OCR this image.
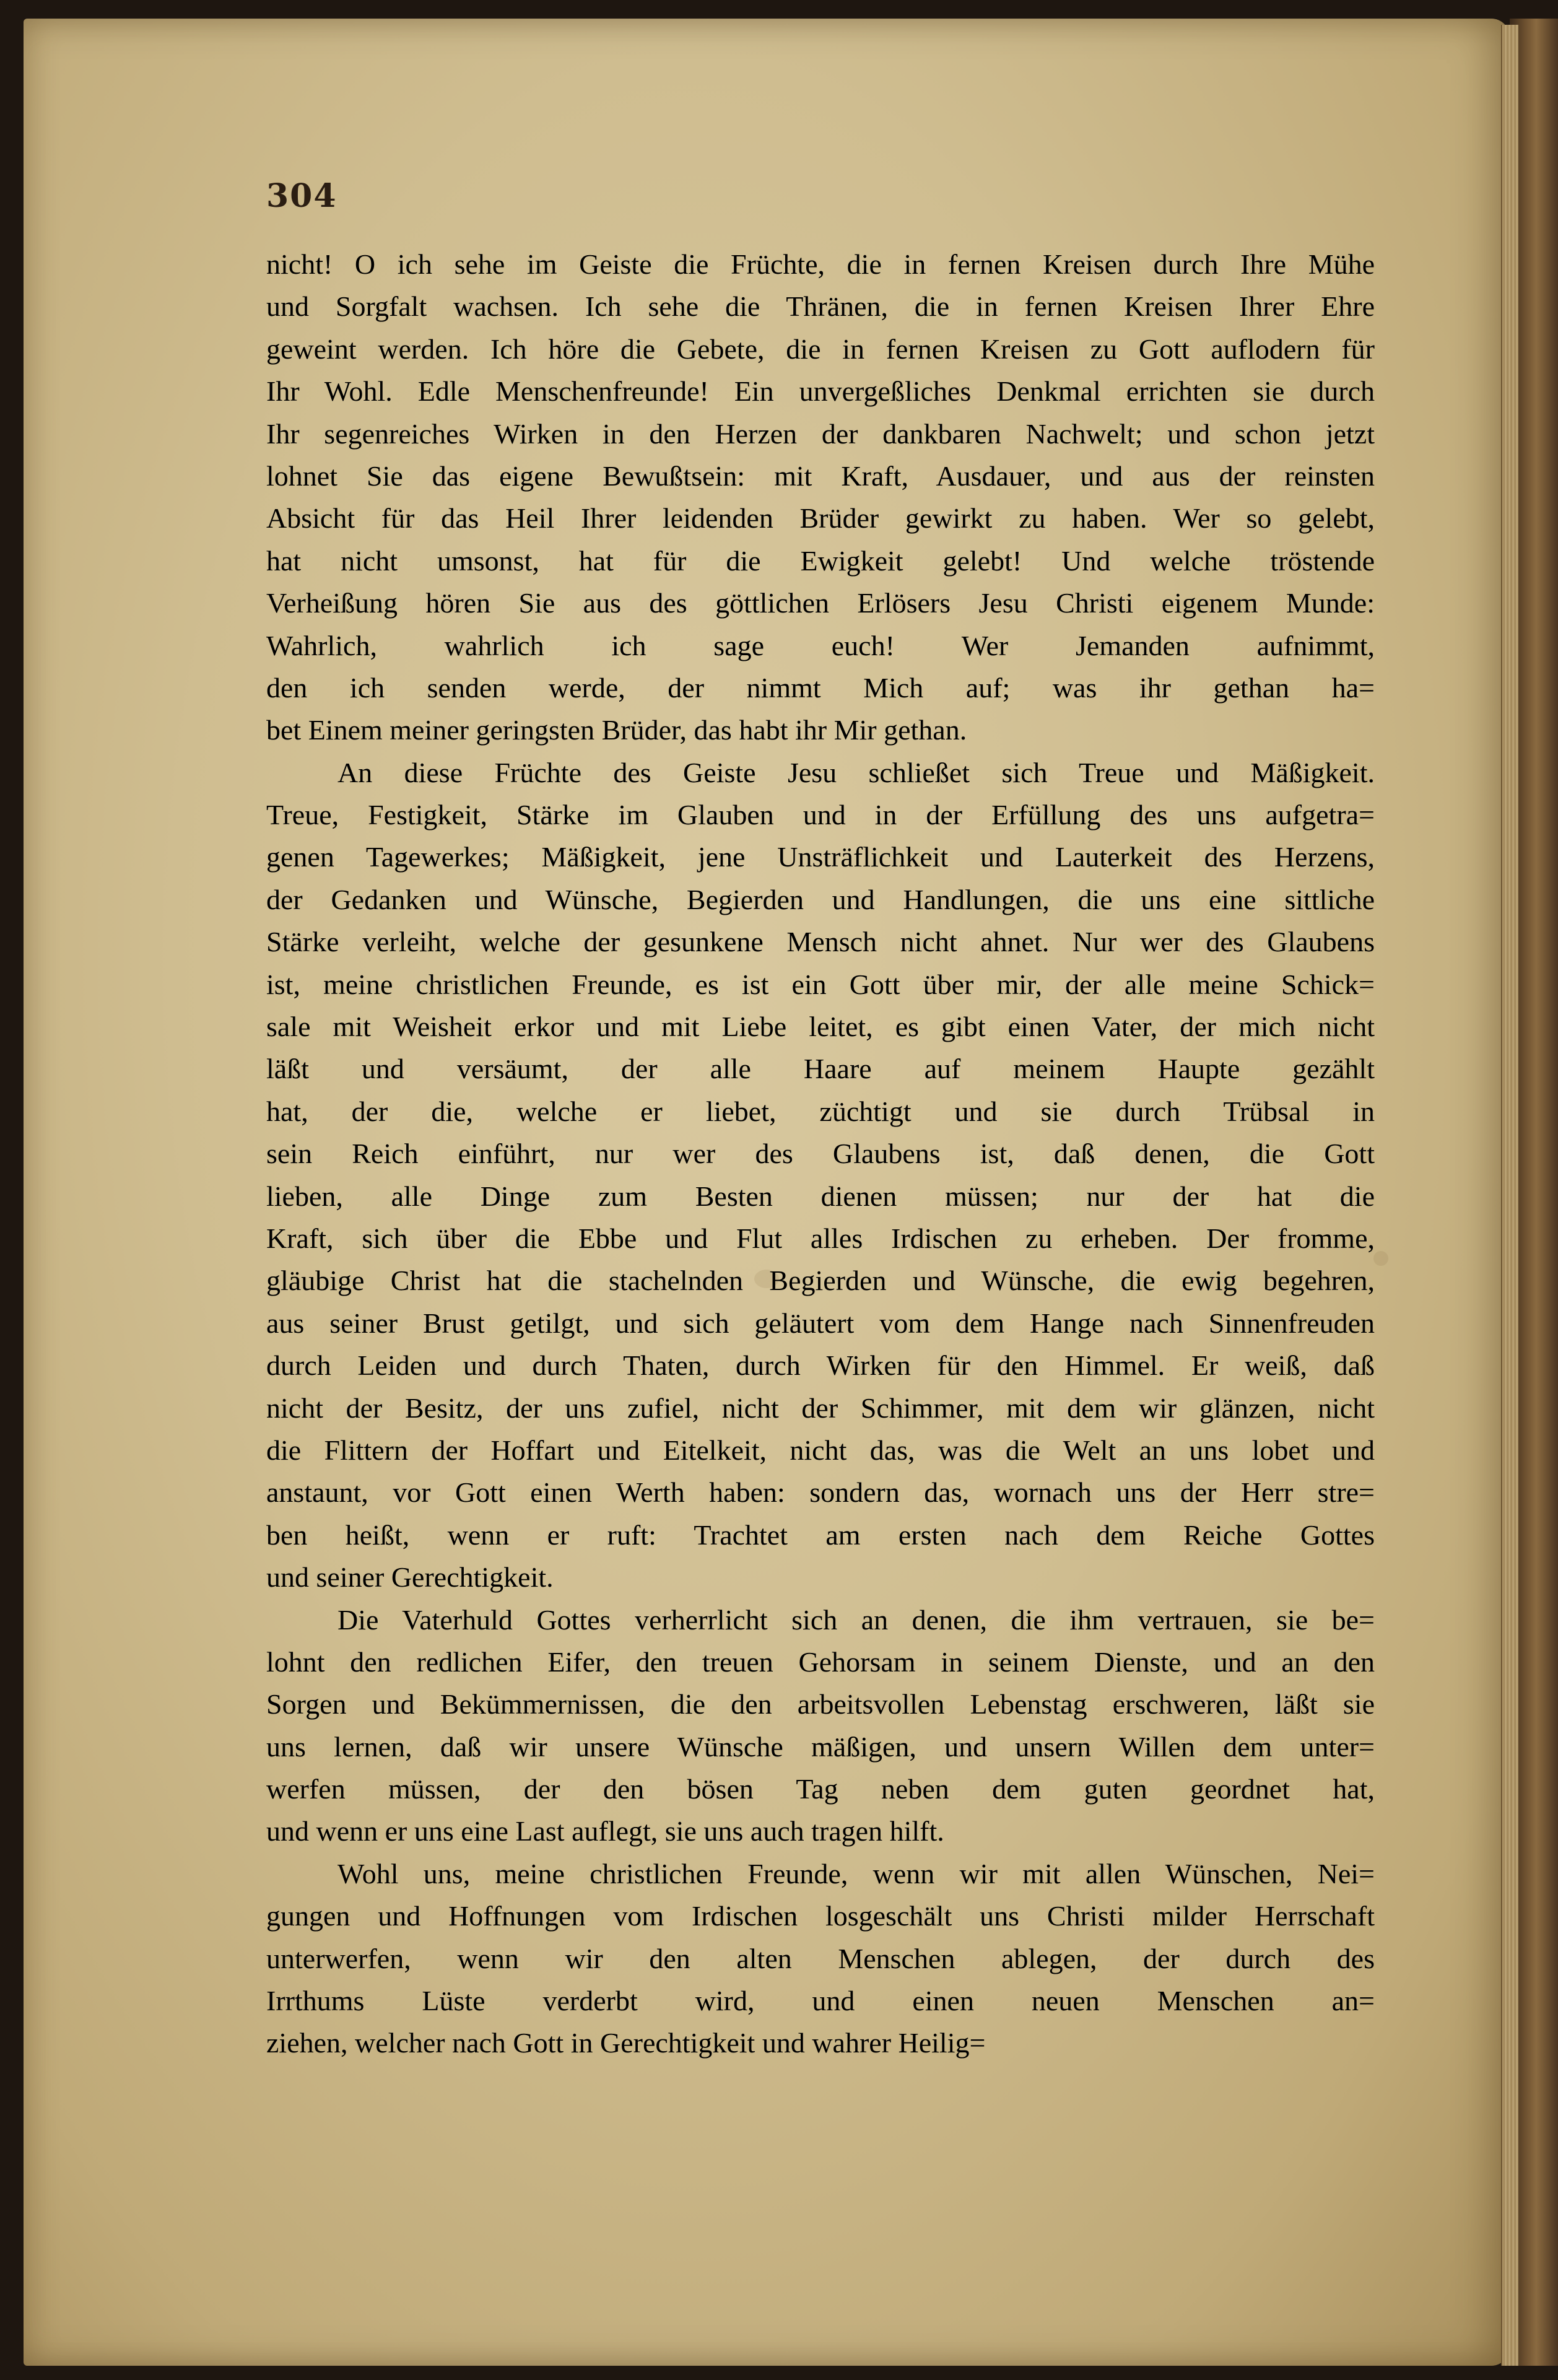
304
nicht! O ich sehe im Geiste die Früchte, die in fernen Kreisen durch Ihre Mühe
und Sorgfalt wachsen. Ich sehe die Thränen, die in fernen Kreisen Ihrer Ehre
geweint werden. Ich höre die Gebete, die in fernen Kreisen zu Gott auflodern für
Ihr Wohl. Edle Menschenfreunde! Ein unvergeßliches Denkmal errichten sie durch
Ihr segenreiches Wirken in den Herzen der dankbaren Nachwelt; und schon jetzt
lohnet Sie das eigene Bewußtsein: mit Kraft, Ausdauer, und aus der reinsten
Absicht für das Heil Ihrer leidenden Brüder gewirkt zu haben. Wer so gelebt,
hat nicht umsonst, hat für die Ewigkeit gelebt! Und welche tröstende
Verheißung hören Sie aus des göttlichen Erlösers Jesu Christi eigenem Munde:
Wahrlich, wahrlich ich sage euch! Wer Jemanden aufnimmt,
den ich senden werde, der nimmt Mich auf; was ihr gethan ha=
bet Einem meiner geringsten Brüder, das habt ihr Mir gethan.
An diese Früchte des Geiste Jesu schließet sich Treue und Mäßigkeit.
Treue, Festigkeit, Stärke im Glauben und in der Erfüllung des uns aufgetra=
genen Tagewerkes; Mäßigkeit, jene Unsträflichkeit und Lauterkeit des Herzens,
der Gedanken und Wünsche, Begierden und Handlungen, die uns eine sittliche
Stärke verleiht, welche der gesunkene Mensch nicht ahnet. Nur wer des Glaubens
ist, meine christlichen Freunde, es ist ein Gott über mir, der alle meine Schick=
sale mit Weisheit erkor und mit Liebe leitet, es gibt einen Vater, der mich nicht
läßt und versäumt, der alle Haare auf meinem Haupte gezählt
hat, der die, welche er liebet, züchtigt und sie durch Trübsal in
sein Reich einführt, nur wer des Glaubens ist, daß denen, die Gott
lieben, alle Dinge zum Besten dienen müssen; nur der hat die
Kraft, sich über die Ebbe und Flut alles Irdischen zu erheben. Der fromme,
gläubige Christ hat die stachelnden Begierden und Wünsche, die ewig begehren,
aus seiner Brust getilgt, und sich geläutert vom dem Hange nach Sinnenfreuden
durch Leiden und durch Thaten, durch Wirken für den Himmel. Er weiß, daß
nicht der Besitz, der uns zufiel, nicht der Schimmer, mit dem wir glänzen, nicht
die Flittern der Hoffart und Eitelkeit, nicht das, was die Welt an uns lobet und
anstaunt, vor Gott einen Werth haben: sondern das, wornach uns der Herr stre=
ben heißt, wenn er ruft: Trachtet am ersten nach dem Reiche Gottes
und seiner Gerechtigkeit.
Die Vaterhuld Gottes verherrlicht sich an denen, die ihm vertrauen, sie be=
lohnt den redlichen Eifer, den treuen Gehorsam in seinem Dienste, und an den
Sorgen und Bekümmernissen, die den arbeitsvollen Lebenstag erschweren, läßt sie
uns lernen, daß wir unsere Wünsche mäßigen, und unsern Willen dem unter=
werfen müssen, der den bösen Tag neben dem guten geordnet hat,
und wenn er uns eine Last auflegt, sie uns auch tragen hilft.
Wohl uns, meine christlichen Freunde, wenn wir mit allen Wünschen, Nei=
gungen und Hoffnungen vom Irdischen losgeschält uns Christi milder Herrschaft
unterwerfen, wenn wir den alten Menschen ablegen, der durch des
Irrthums Lüste verderbt wird, und einen neuen Menschen an=
ziehen, welcher nach Gott in Gerechtigkeit und wahrer Heilig=
